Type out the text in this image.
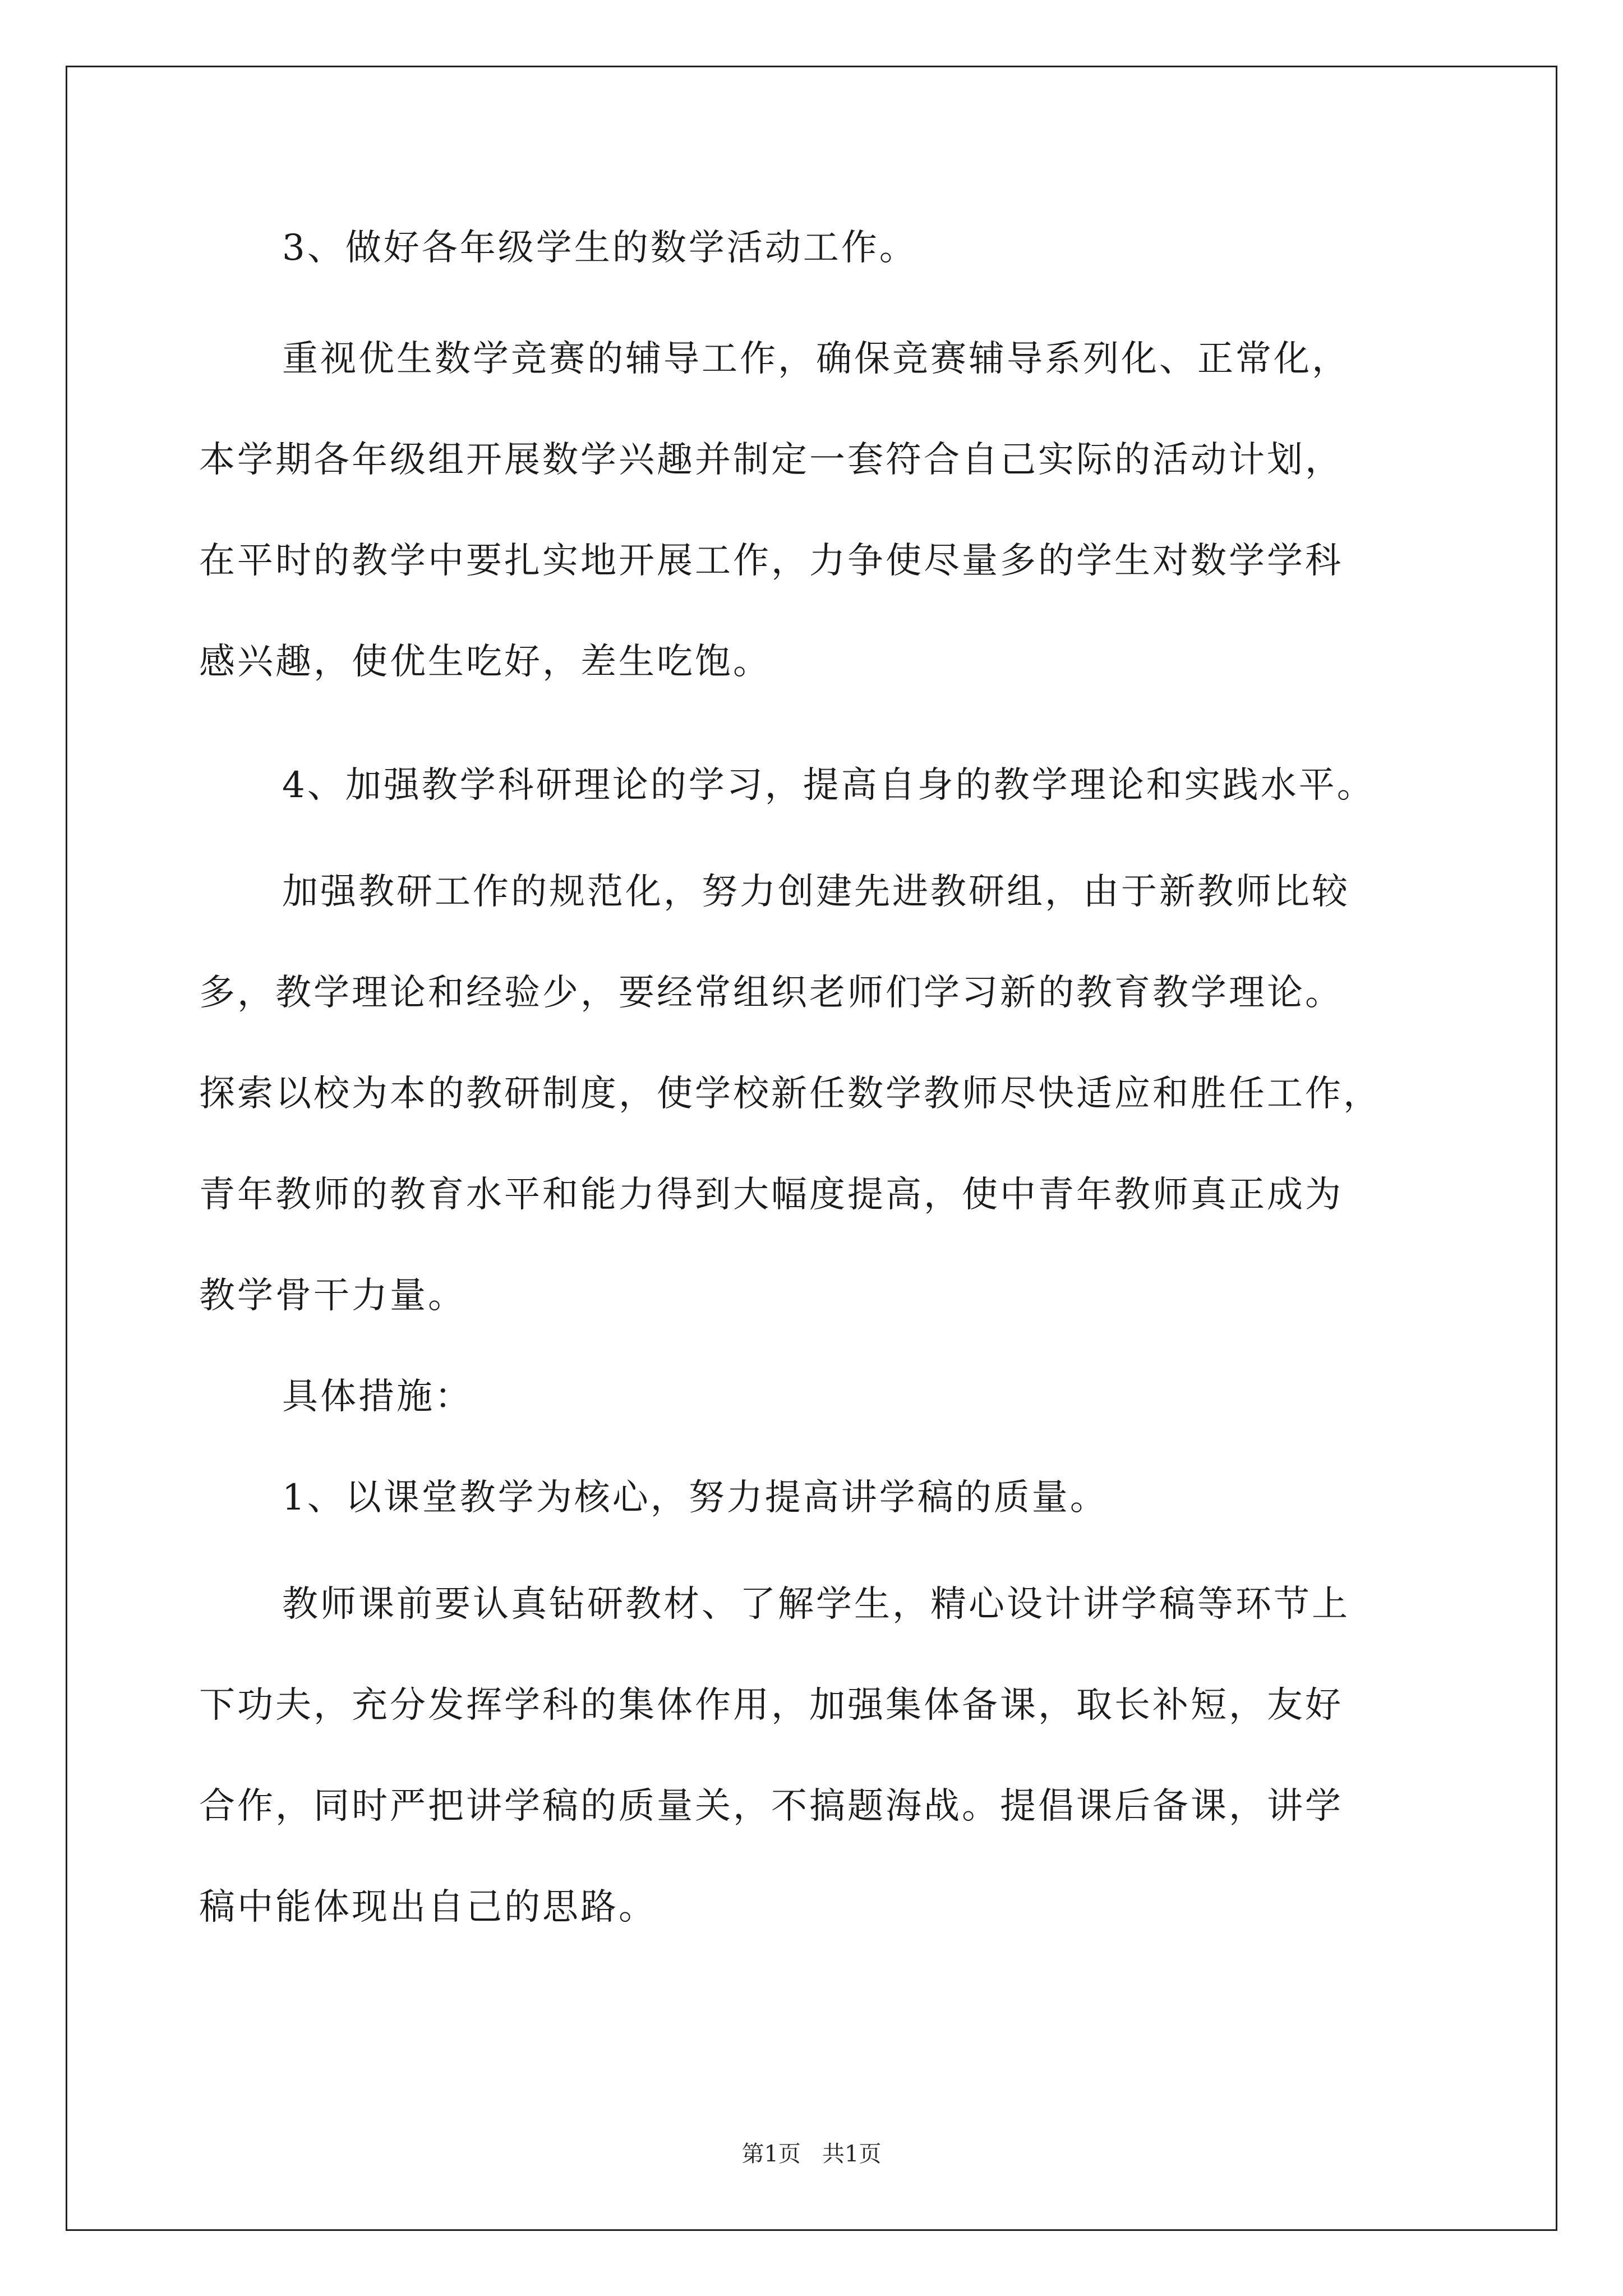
3、做好各年级学生的数学活动工作。

重视优生数学竞赛的辅导工作，确保竞赛辅导系列化、正常化，

本学期各年级组开展数学兴趣并制定一套符合自己实际的活动计划，

在平时的教学中要扎实地开展工作，力争使尽量多的学生对数学学科

感兴趣，使优生吃好，差生吃饱。

4、加强教学科研理论的学习，提高自身的教学理论和实践水平。

加强教研工作的规范化，努力创建先进教研组，由于新教师比较

多，教学理论和经验少，要经常组织老师们学习新的教育教学理论。

探索以校为本的教研制度，使学校新任数学教师尽快适应和胜任工作，

青年教师的教育水平和能力得到大幅度提高，使中青年教师真正成为

教学骨干力量。

具体措施：

1、以课堂教学为核心，努力提高讲学稿的质量。

教师课前要认真钻研教材、了解学生，精心设计讲学稿等环节上

下功夫，充分发挥学科的集体作用，加强集体备课，取长补短，友好

合作，同时严把讲学稿的质量关，不搞题海战。提倡课后备课，讲学

稿中能体现出自己的思路。

第1页   共1页
